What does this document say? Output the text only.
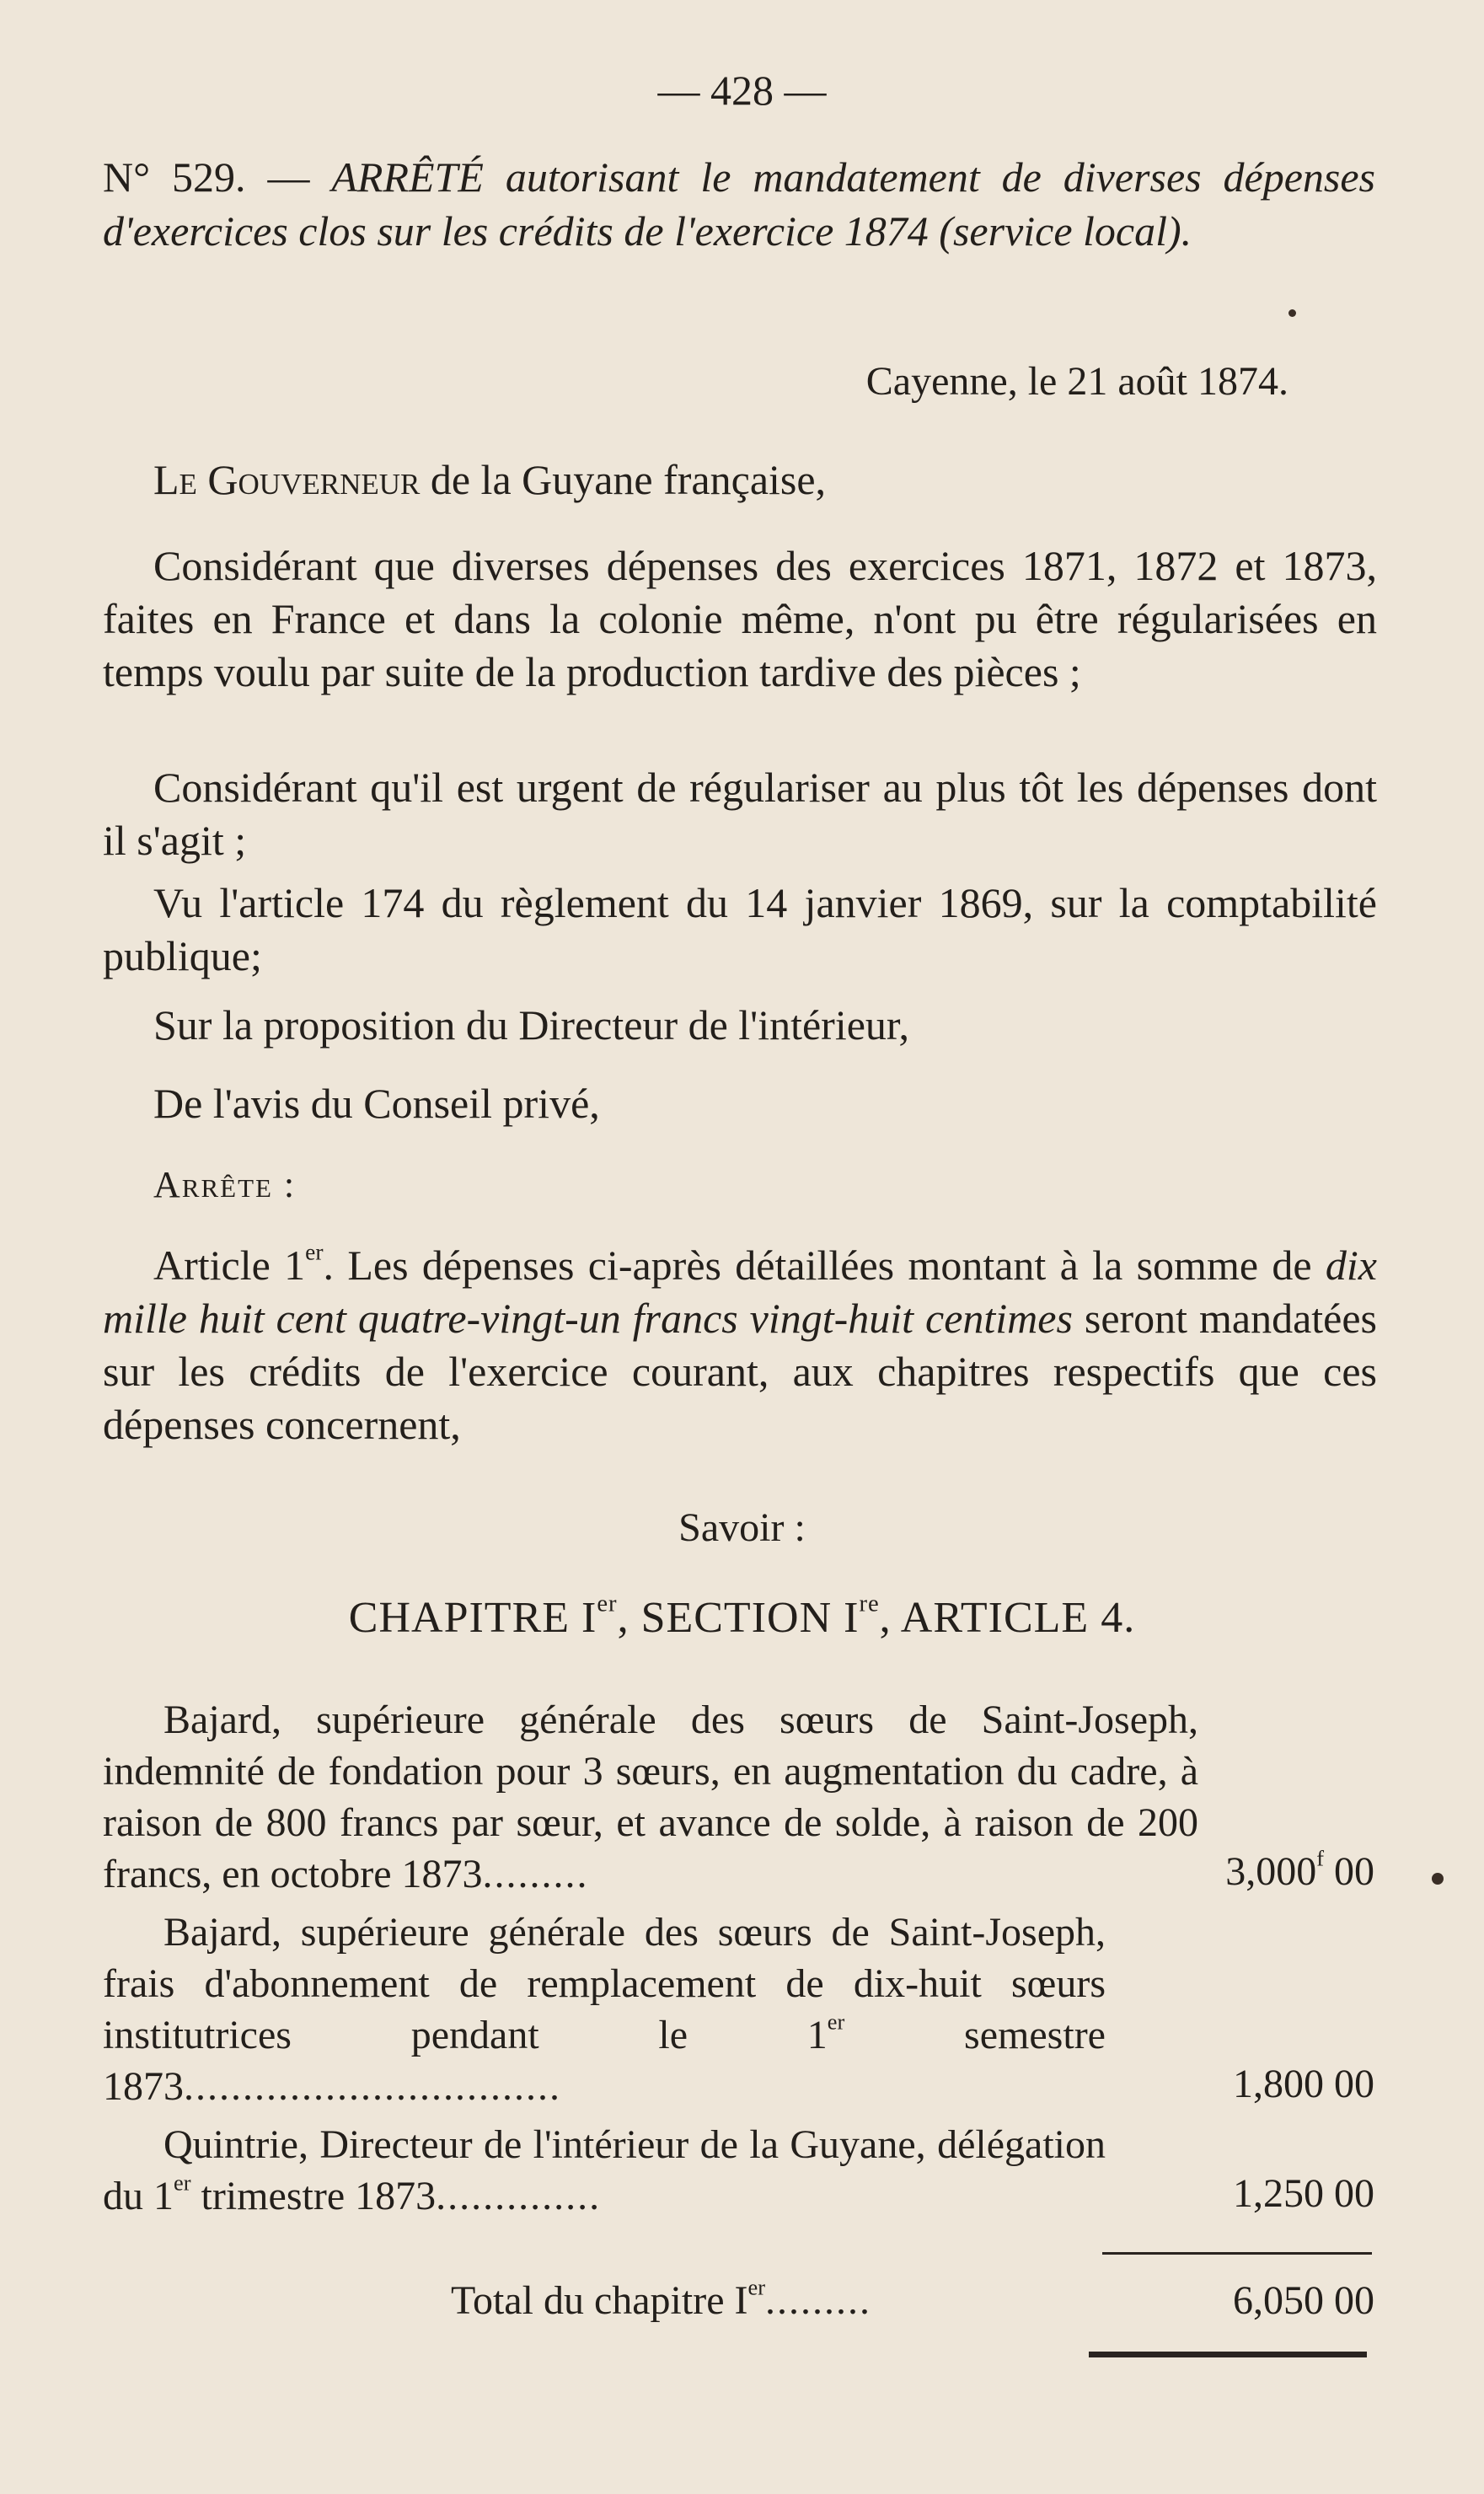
— 428 —
N° 529. — ARRÊTÉ autorisant le mandatement de diverses dépenses d'exercices clos sur les crédits de l'exercice 1874 (service local).
Cayenne, le 21 août 1874.
Le Gouverneur de la Guyane française,
Considérant que diverses dépenses des exercices 1871, 1872 et 1873, faites en France et dans la colonie même, n'ont pu être régularisées en temps voulu par suite de la production tardive des pièces ;
Considérant qu'il est urgent de régulariser au plus tôt les dépenses dont il s'agit ;
Vu l'article 174 du règlement du 14 janvier 1869, sur la comptabilité publique;
Sur la proposition du Directeur de l'intérieur,
De l'avis du Conseil privé,
Arrête :
Article 1er. Les dépenses ci-après détaillées montant à la somme de dix mille huit cent quatre-vingt-un francs vingt-huit centimes seront mandatées sur les crédits de l'exercice courant, aux chapitres respectifs que ces dépenses concernent,
Savoir :
CHAPITRE Ier, SECTION Ire, ARTICLE 4.
Bajard, supérieure générale des sœurs de Saint-Joseph, indemnité de fondation pour 3 sœurs, en augmentation du cadre, à raison de 800 francs par sœur, et avance de solde, à raison de 200 francs, en octobre 1873.........	3,000$^f$ 00
Bajard, supérieure générale des sœurs de Saint-Joseph, frais d'abonnement de remplacement de dix-huit sœurs institutrices pendant le 1er semestre 1873................................	1,800 00
Quintrie, Directeur de l'intérieur de la Guyane, délégation du 1er trimestre 1873..............	1,250 00
Total du chapitre Ier.........	6,050 00
